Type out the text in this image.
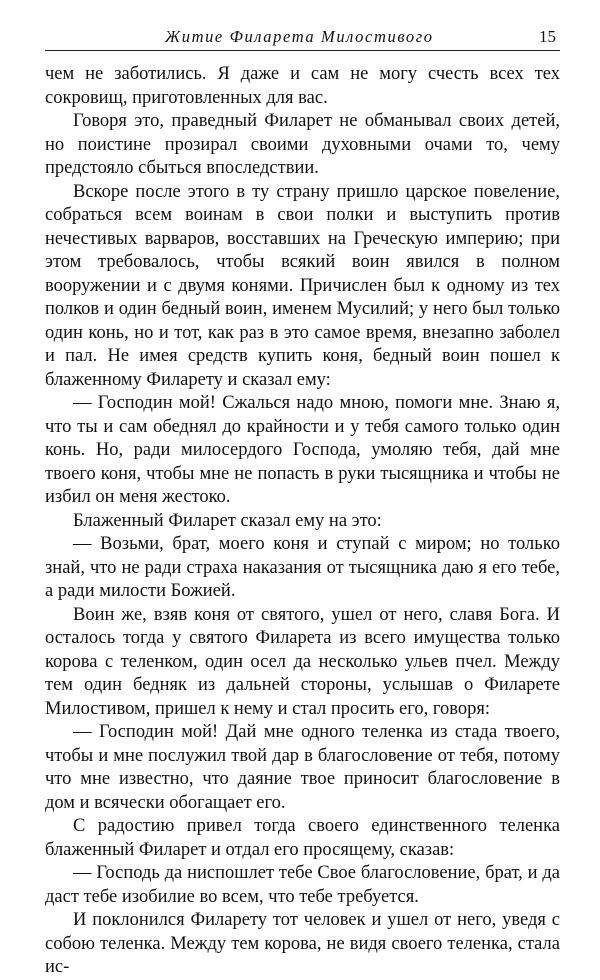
Житие Филарета Милостивого	15

чем не заботились. Я даже и сам не могу счесть всех тех сокровищ, приготовленных для вас.

Говоря это, праведный Филарет не обманывал своих детей, но поистине прозирал своими духовными очами то, чему предстояло сбыться впоследствии.

Вскоре после этого в ту страну пришло царское повеление, собраться всем воинам в свои полки и выступить против нечестивых варваров, восставших на Греческую империю; при этом требовалось, чтобы всякий воин явился в полном вооружении и с двумя конями. Причислен был к одному из тех полков и один бедный воин, именем Мусилий; у него был только один конь, но и тот, как раз в это самое время, внезапно заболел и пал. Не имея средств купить коня, бедный воин пошел к блаженному Филарету и сказал ему:

— Господин мой! Сжалься надо мною, помоги мне. Знаю я, что ты и сам обеднял до крайности и у тебя самого только один конь. Но, ради милосердого Господа, умоляю тебя, дай мне твоего коня, чтобы мне не попасть в руки тысящника и чтобы не избил он меня жестоко.

Блаженный Филарет сказал ему на это:

— Возьми, брат, моего коня и ступай с миром; но только знай, что не ради страха наказания от тысящника даю я его тебе, а ради милости Божией.

Воин же, взяв коня от святого, ушел от него, славя Бога. И осталось тогда у святого Филарета из всего имущества только корова с теленком, один осел да несколько ульев пчел. Между тем один бедняк из дальней стороны, услышав о Филарете Милостивом, пришел к нему и стал просить его, говоря:

— Господин мой! Дай мне одного теленка из стада твоего, чтобы и мне послужил твой дар в благословение от тебя, потому что мне известно, что даяние твое приносит благословение в дом и всячески обогащает его.

С радостию привел тогда своего единственного теленка блаженный Филарет и отдал его просящему, сказав:

— Господь да ниспошлет тебе Свое благословение, брат, и да даст тебе изобилие во всем, что тебе требуется.

И поклонился Филарету тот человек и ушел от него, уведя с собою теленка. Между тем корова, не видя своего теленка, стала ис-
